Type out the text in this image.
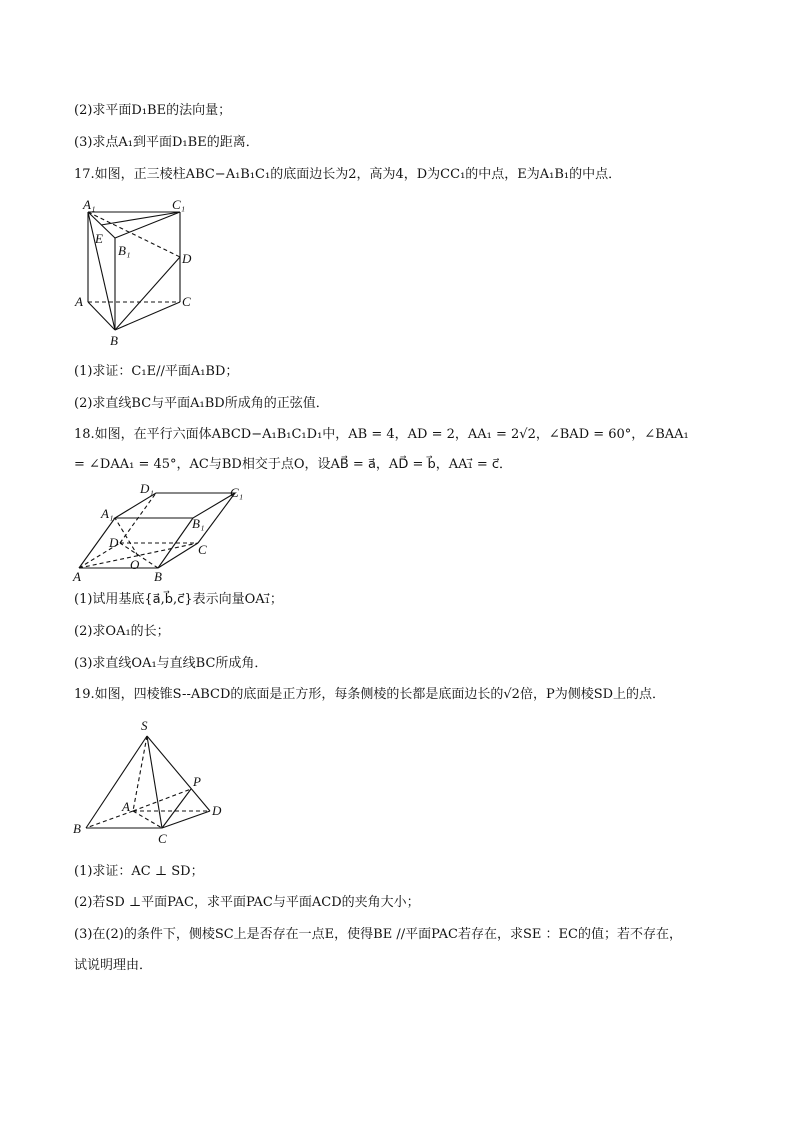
(2)求平面D₁BE的法向量；
(3)求点A₁到平面D₁BE的距离．
17.如图，正三棱柱ABC−A₁B₁C₁的底面边长为2，高为4，D为CC₁的中点，E为A₁B₁的中点．
A₁	C₁
E
B₁
D
A	C
B
(1)求证：C₁E//平面A₁BD；
(2)求直线BC与平面A₁BD所成角的正弦值．
18.如图，在平行六面体ABCD−A₁B₁C₁D₁中，AB = 4，AD = 2，AA₁ = 2√2，∠BAD = 60°，∠BAA₁
= ∠DAA₁ = 45°，AC与BD相交于点O，设AB⃗ = a⃗，AD⃗ = b⃗，AA₁⃗ = c⃗．
D₁	C₁
A₁
B₁
D	C
O
A	B
(1)试用基底{a⃗,b⃗,c⃗}表示向量OA₁⃗；
(2)求OA₁的长；
(3)求直线OA₁与直线BC所成角．
19.如图，四棱锥S--ABCD的底面是正方形，每条侧棱的长都是底面边长的√2倍，P为侧棱SD上的点．
S
P
A	D
B
C
(1)求证：AC ⊥ SD；
(2)若SD ⊥平面PAC，求平面PAC与平面ACD的夹角大小；
(3)在(2)的条件下，侧棱SC上是否存在一点E，使得BE //平面PAC若存在，求SE ：EC的值；若不存在，
试说明理由．
